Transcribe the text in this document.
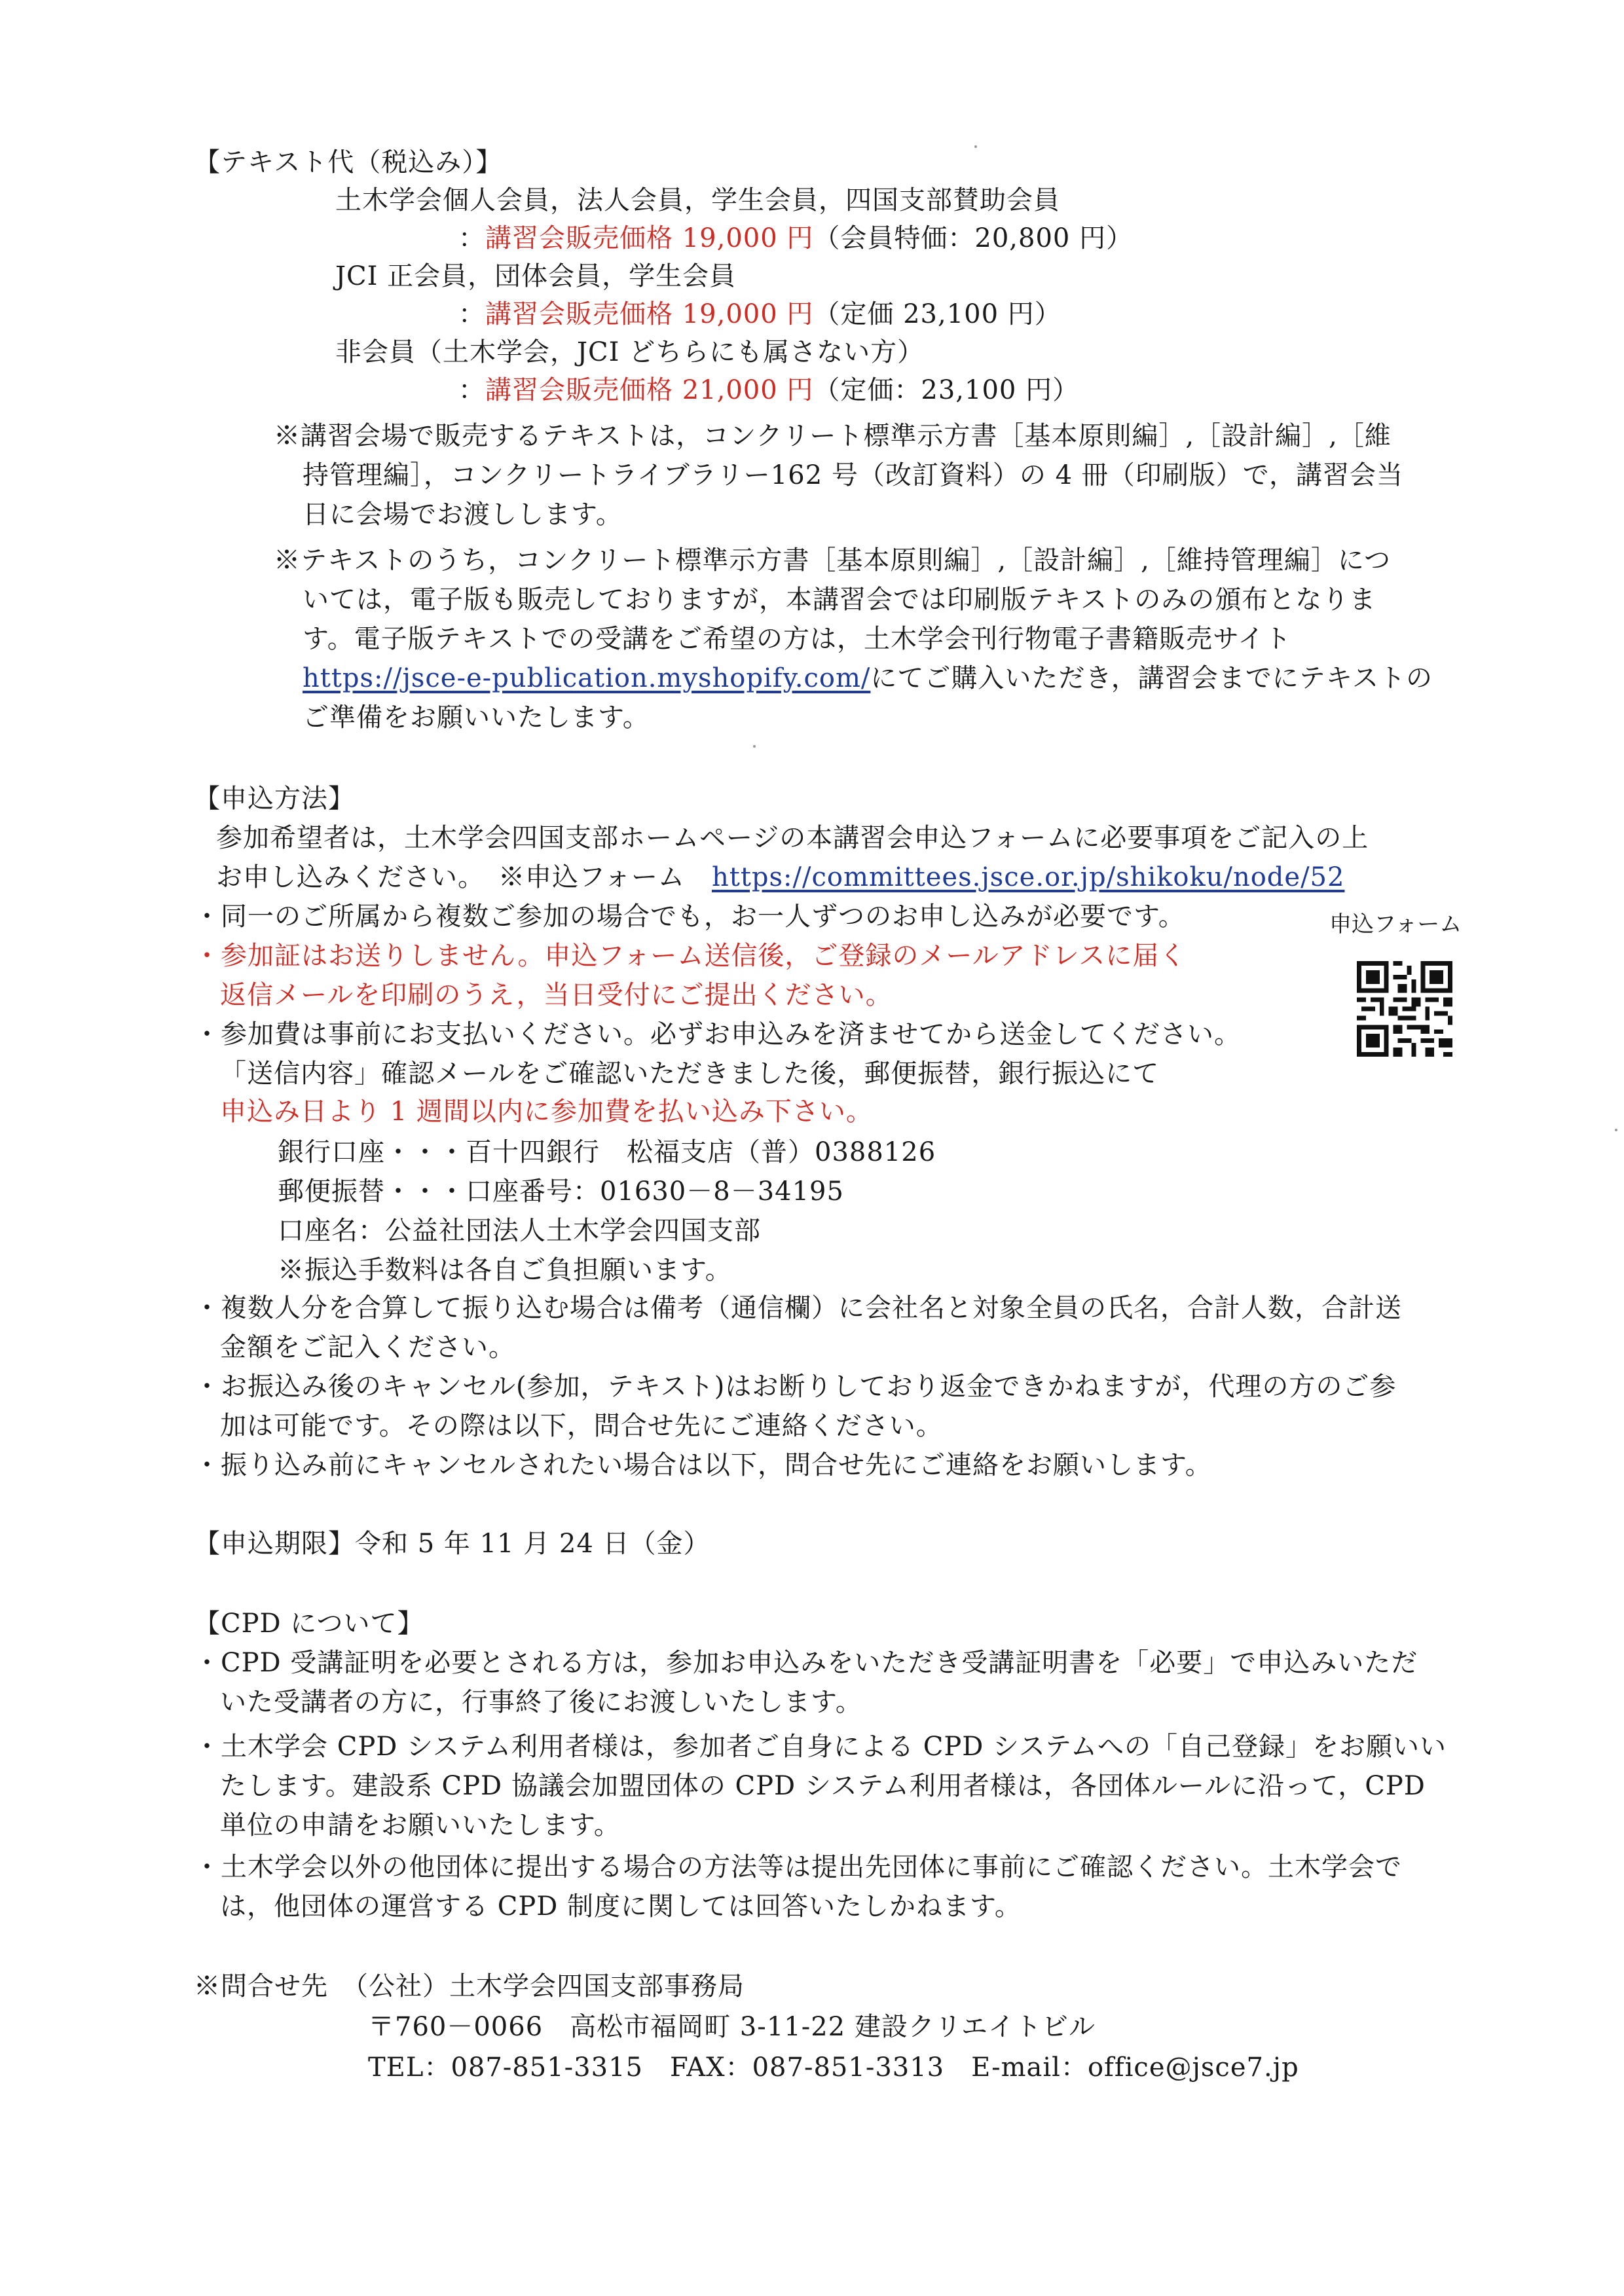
【テキスト代（税込み）】
土木学会個人会員，法人会員，学生会員，四国支部賛助会員
：講習会販売価格 19,000 円（会員特価：20,800 円）
JCI 正会員，団体会員，学生会員
：講習会販売価格 19,000 円（定価 23,100 円）
非会員（土木学会，JCI どちらにも属さない方）
：講習会販売価格 21,000 円（定価：23,100 円）
※講習会場で販売するテキストは，コンクリート標準示方書［基本原則編］,［設計編］,［維
持管理編］，コンクリートライブラリー162 号（改訂資料）の 4 冊（印刷版）で，講習会当
日に会場でお渡しします。
※テキストのうち，コンクリート標準示方書［基本原則編］,［設計編］,［維持管理編］につ
いては，電子版も販売しておりますが，本講習会では印刷版テキストのみの頒布となりま
す。電子版テキストでの受講をご希望の方は，土木学会刊行物電子書籍販売サイト
https://jsce-e-publication.myshopify.com/にてご購入いただき，講習会までにテキストの
ご準備をお願いいたします。
【申込方法】
参加希望者は，土木学会四国支部ホームページの本講習会申込フォームに必要事項をご記入の上
お申し込みください。　※申込フォーム　https://committees.jsce.or.jp/shikoku/node/52
申込フォーム
・同一のご所属から複数ご参加の場合でも，お一人ずつのお申し込みが必要です。
・参加証はお送りしません。申込フォーム送信後，ご登録のメールアドレスに届く
返信メールを印刷のうえ，当日受付にご提出ください。
・参加費は事前にお支払いください。必ずお申込みを済ませてから送金してください。
「送信内容」確認メールをご確認いただきました後，郵便振替，銀行振込にて
申込み日より 1 週間以内に参加費を払い込み下さい。
銀行口座・・・百十四銀行　松福支店（普）0388126
郵便振替・・・口座番号：01630－8－34195
口座名：公益社団法人土木学会四国支部
※振込手数料は各自ご負担願います。
・複数人分を合算して振り込む場合は備考（通信欄）に会社名と対象全員の氏名，合計人数，合計送
金額をご記入ください。
・お振込み後のキャンセル(参加，テキスト)はお断りしており返金できかねますが，代理の方のご参
加は可能です。その際は以下，問合せ先にご連絡ください。
・振り込み前にキャンセルされたい場合は以下，問合せ先にご連絡をお願いします。
【申込期限】令和 5 年 11 月 24 日（金）
【CPD について】
・CPD 受講証明を必要とされる方は，参加お申込みをいただき受講証明書を「必要」で申込みいただ
いた受講者の方に，行事終了後にお渡しいたします。
・土木学会 CPD システム利用者様は，参加者ご自身による CPD システムへの「自己登録」をお願いい
たします。建設系 CPD 協議会加盟団体の CPD システム利用者様は，各団体ルールに沿って，CPD
単位の申請をお願いいたします。
・土木学会以外の他団体に提出する場合の方法等は提出先団体に事前にご確認ください。土木学会で
は，他団体の運営する CPD 制度に関しては回答いたしかねます。
※問合せ先　（公社）土木学会四国支部事務局
〒760－0066　高松市福岡町 3-11-22 建設クリエイトビル
TEL：087-851-3315　FAX：087-851-3313　E-mail：office@jsce7.jp
